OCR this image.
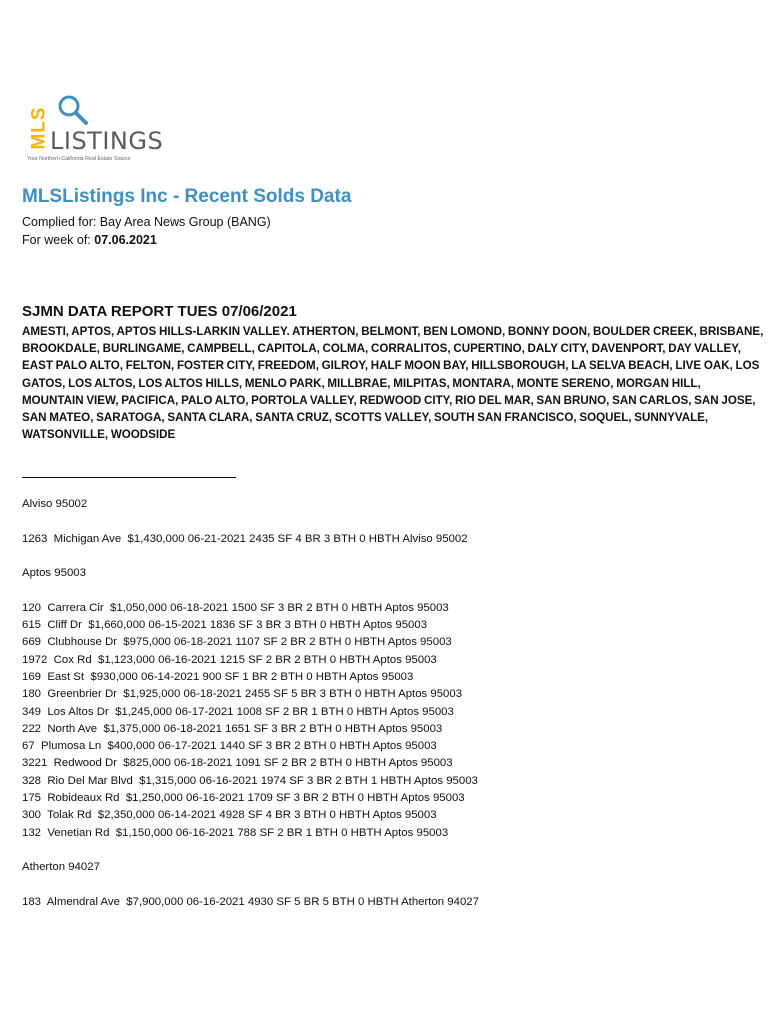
MLS LISTINGS
Your Northern California Real Estate Source
MLSListings Inc - Recent Solds Data
Complied for: Bay Area News Group (BANG)
For week of: 07.06.2021
SJMN DATA REPORT TUES 07/06/2021
AMESTI, APTOS, APTOS HILLS-LARKIN VALLEY. ATHERTON, BELMONT, BEN LOMOND, BONNY DOON, BOULDER CREEK, BRISBANE, BROOKDALE, BURLINGAME, CAMPBELL, CAPITOLA, COLMA, CORRALITOS, CUPERTINO, DALY CITY, DAVENPORT, DAY VALLEY, EAST PALO ALTO, FELTON, FOSTER CITY, FREEDOM, GILROY, HALF MOON BAY, HILLSBOROUGH, LA SELVA BEACH, LIVE OAK, LOS GATOS, LOS ALTOS, LOS ALTOS HILLS, MENLO PARK, MILLBRAE, MILPITAS, MONTARA, MONTE SERENO, MORGAN HILL, MOUNTAIN VIEW, PACIFICA, PALO ALTO, PORTOLA VALLEY, REDWOOD CITY, RIO DEL MAR, SAN BRUNO, SAN CARLOS, SAN JOSE, SAN MATEO, SARATOGA, SANTA CLARA, SANTA CRUZ, SCOTTS VALLEY, SOUTH SAN FRANCISCO, SOQUEL, SUNNYVALE, WATSONVILLE, WOODSIDE
Alviso 95002
1263  Michigan Ave  $1,430,000 06-21-2021 2435 SF 4 BR 3 BTH 0 HBTH Alviso 95002
Aptos 95003
120  Carrera Cir  $1,050,000 06-18-2021 1500 SF 3 BR 2 BTH 0 HBTH Aptos 95003
615  Cliff Dr  $1,660,000 06-15-2021 1836 SF 3 BR 3 BTH 0 HBTH Aptos 95003
669  Clubhouse Dr  $975,000 06-18-2021 1107 SF 2 BR 2 BTH 0 HBTH Aptos 95003
1972  Cox Rd  $1,123,000 06-16-2021 1215 SF 2 BR 2 BTH 0 HBTH Aptos 95003
169  East St  $930,000 06-14-2021 900 SF 1 BR 2 BTH 0 HBTH Aptos 95003
180  Greenbrier Dr  $1,925,000 06-18-2021 2455 SF 5 BR 3 BTH 0 HBTH Aptos 95003
349  Los Altos Dr  $1,245,000 06-17-2021 1008 SF 2 BR 1 BTH 0 HBTH Aptos 95003
222  North Ave  $1,375,000 06-18-2021 1651 SF 3 BR 2 BTH 0 HBTH Aptos 95003
67  Plumosa Ln  $400,000 06-17-2021 1440 SF 3 BR 2 BTH 0 HBTH Aptos 95003
3221  Redwood Dr  $825,000 06-18-2021 1091 SF 2 BR 2 BTH 0 HBTH Aptos 95003
328  Rio Del Mar Blvd  $1,315,000 06-16-2021 1974 SF 3 BR 2 BTH 1 HBTH Aptos 95003
175  Robideaux Rd  $1,250,000 06-16-2021 1709 SF 3 BR 2 BTH 0 HBTH Aptos 95003
300  Tolak Rd  $2,350,000 06-14-2021 4928 SF 4 BR 3 BTH 0 HBTH Aptos 95003
132  Venetian Rd  $1,150,000 06-16-2021 788 SF 2 BR 1 BTH 0 HBTH Aptos 95003
Atherton 94027
183  Almendral Ave  $7,900,000 06-16-2021 4930 SF 5 BR 5 BTH 0 HBTH Atherton 94027
